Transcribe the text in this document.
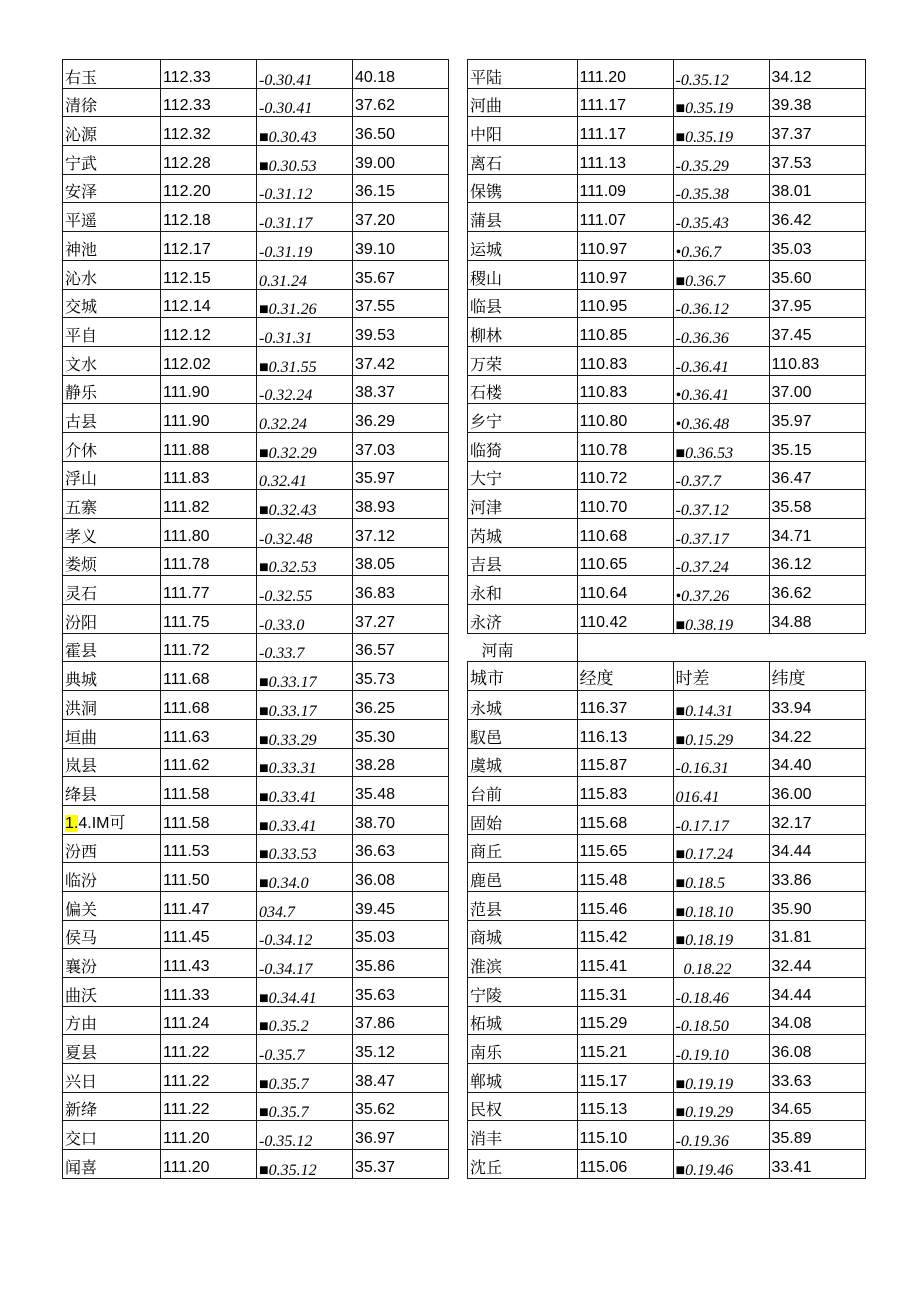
右玉	112.33	-0.30.41	40.18
清徐	112.33	-0.30.41	37.62
沁源	112.32	■0.30.43	36.50
宁武	112.28	■0.30.53	39.00
安泽	112.20	-0.31.12	36.15
平遥	112.18	-0.31.17	37.20
神池	112.17	-0.31.19	39.10
沁水	112.15	0.31.24	35.67
交城	112.14	■0.31.26	37.55
平自	112.12	-0.31.31	39.53
文水	112.02	■0.31.55	37.42
静乐	111.90	-0.32.24	38.37
古县	111.90	0.32.24	36.29
介休	111.88	■0.32.29	37.03
浮山	111.83	0.32.41	35.97
五寨	111.82	■0.32.43	38.93
孝义	111.80	-0.32.48	37.12
娄烦	111.78	■0.32.53	38.05
灵石	111.77	-0.32.55	36.83
汾阳	111.75	-0.33.0	37.27
霍县	111.72	-0.33.7	36.57
典城	111.68	■0.33.17	35.73
洪洞	111.68	■0.33.17	36.25
垣曲	111.63	■0.33.29	35.30
岚县	111.62	■0.33.31	38.28
绛县	111.58	■0.33.41	35.48
1.4.IM可	111.58	■0.33.41	38.70
汾西	111.53	■0.33.53	36.63
临汾	111.50	■0.34.0	36.08
偏关	111.47	034.7	39.45
侯马	111.45	-0.34.12	35.03
襄汾	111.43	-0.34.17	35.86
曲沃	111.33	■0.34.41	35.63
方由	111.24	■0.35.2	37.86
夏县	111.22	-0.35.7	35.12
兴日	111.22	■0.35.7	38.47
新绛	111.22	■0.35.7	35.62
交口	111.20	-0.35.12	36.97
闻喜	111.20	■0.35.12	35.37
平陆	111.20	-0.35.12	34.12
河曲	111.17	■0.35.19	39.38
中阳	111.17	■0.35.19	37.37
离石	111.13	-0.35.29	37.53
保镌	111.09	-0.35.38	38.01
蒲县	111.07	-0.35.43	36.42
运城	110.97	•0.36.7	35.03
稷山	110.97	■0.36.7	35.60
临县	110.95	-0.36.12	37.95
柳林	110.85	-0.36.36	37.45
万荣	110.83	-0.36.41	110.83
石楼	110.83	•0.36.41	37.00
乡宁	110.80	•0.36.48	35.97
临猗	110.78	■0.36.53	35.15
大宁	110.72	-0.37.7	36.47
河津	110.70	-0.37.12	35.58
芮城	110.68	-0.37.17	34.71
吉县	110.65	-0.37.24	36.12
永和	110.64	•0.37.26	36.62
永济	110.42	■0.38.19	34.88
河南			
城市	经度	时差	纬度
永城	116.37	■0.14.31	33.94
馭邑	116.13	■0.15.29	34.22
虞城	115.87	-0.16.31	34.40
台前	115.83	016.41	36.00
固始	115.68	-0.17.17	32.17
商丘	115.65	■0.17.24	34.44
鹿邑	115.48	■0.18.5	33.86
范县	115.46	■0.18.10	35.90
商城	115.42	■0.18.19	31.81
淮滨	115.41	0.18.22	32.44
宁陵	115.31	-0.18.46	34.44
柘城	115.29	-0.18.50	34.08
南乐	115.21	-0.19.10	36.08
郸城	115.17	■0.19.19	33.63
民权	115.13	■0.19.29	34.65
消丰	115.10	-0.19.36	35.89
沈丘	115.06	■0.19.46	33.41
